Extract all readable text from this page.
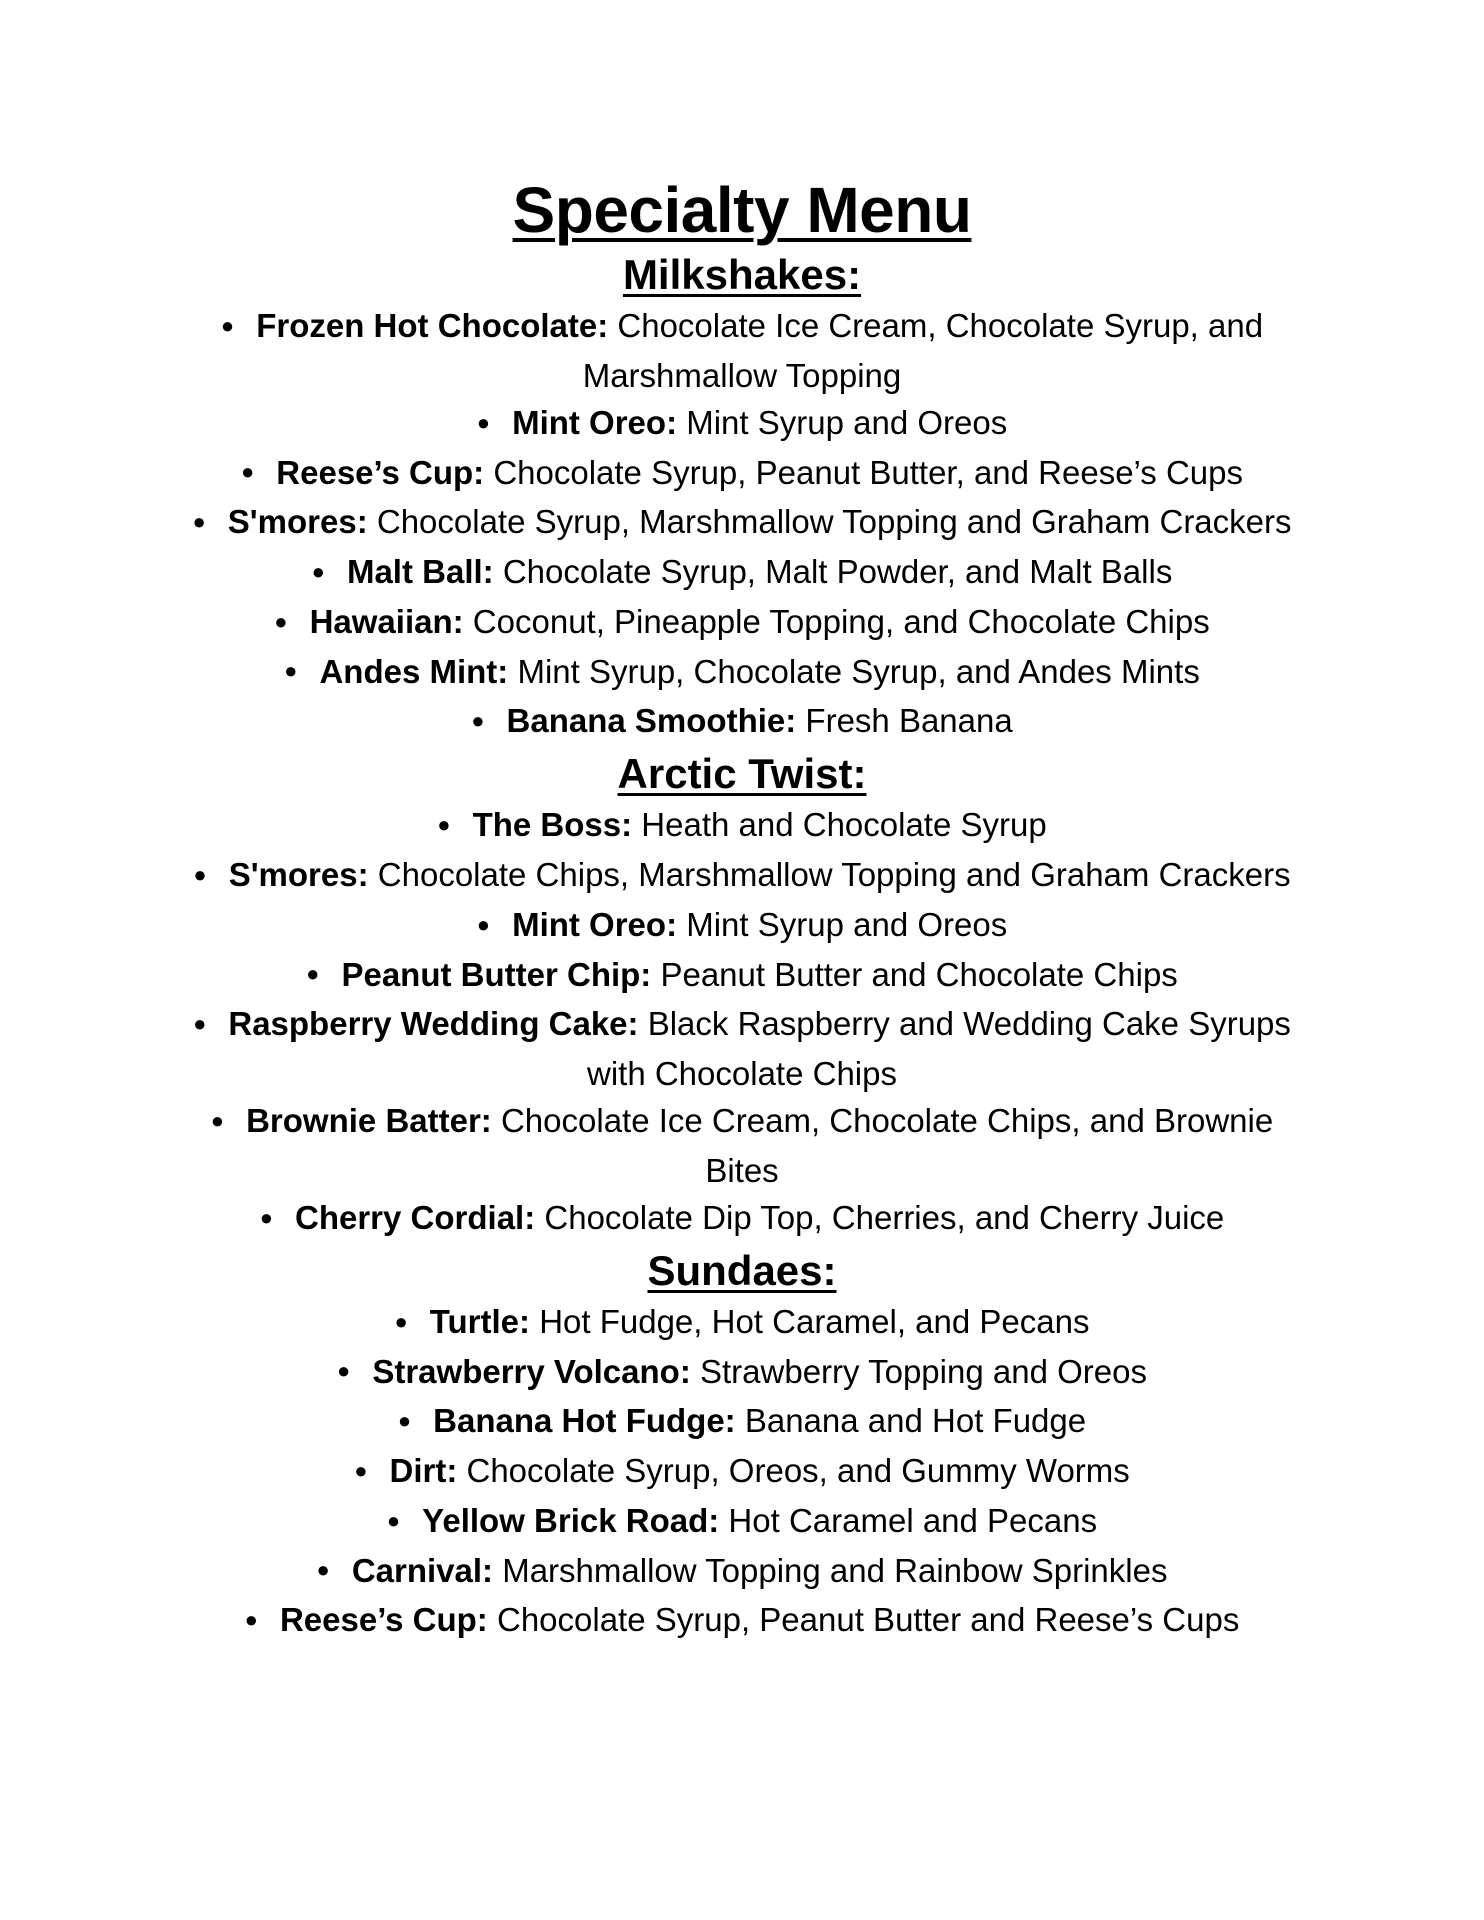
Specialty Menu
Milkshakes:
● Frozen Hot Chocolate: Chocolate Ice Cream, Chocolate Syrup, and Marshmallow Topping
● Mint Oreo: Mint Syrup and Oreos
● Reese’s Cup: Chocolate Syrup, Peanut Butter, and Reese’s Cups
● S'mores: Chocolate Syrup, Marshmallow Topping and Graham Crackers
● Malt Ball: Chocolate Syrup, Malt Powder, and Malt Balls
● Hawaiian: Coconut, Pineapple Topping, and Chocolate Chips
● Andes Mint: Mint Syrup, Chocolate Syrup, and Andes Mints
● Banana Smoothie: Fresh Banana
Arctic Twist:
● The Boss: Heath and Chocolate Syrup
● S'mores: Chocolate Chips, Marshmallow Topping and Graham Crackers
● Mint Oreo: Mint Syrup and Oreos
● Peanut Butter Chip: Peanut Butter and Chocolate Chips
● Raspberry Wedding Cake: Black Raspberry and Wedding Cake Syrups with Chocolate Chips
● Brownie Batter: Chocolate Ice Cream, Chocolate Chips, and Brownie Bites
● Cherry Cordial: Chocolate Dip Top, Cherries, and Cherry Juice
Sundaes:
● Turtle: Hot Fudge, Hot Caramel, and Pecans
● Strawberry Volcano: Strawberry Topping and Oreos
● Banana Hot Fudge: Banana and Hot Fudge
● Dirt: Chocolate Syrup, Oreos, and Gummy Worms
● Yellow Brick Road: Hot Caramel and Pecans
● Carnival: Marshmallow Topping and Rainbow Sprinkles
● Reese’s Cup: Chocolate Syrup, Peanut Butter and Reese’s Cups
